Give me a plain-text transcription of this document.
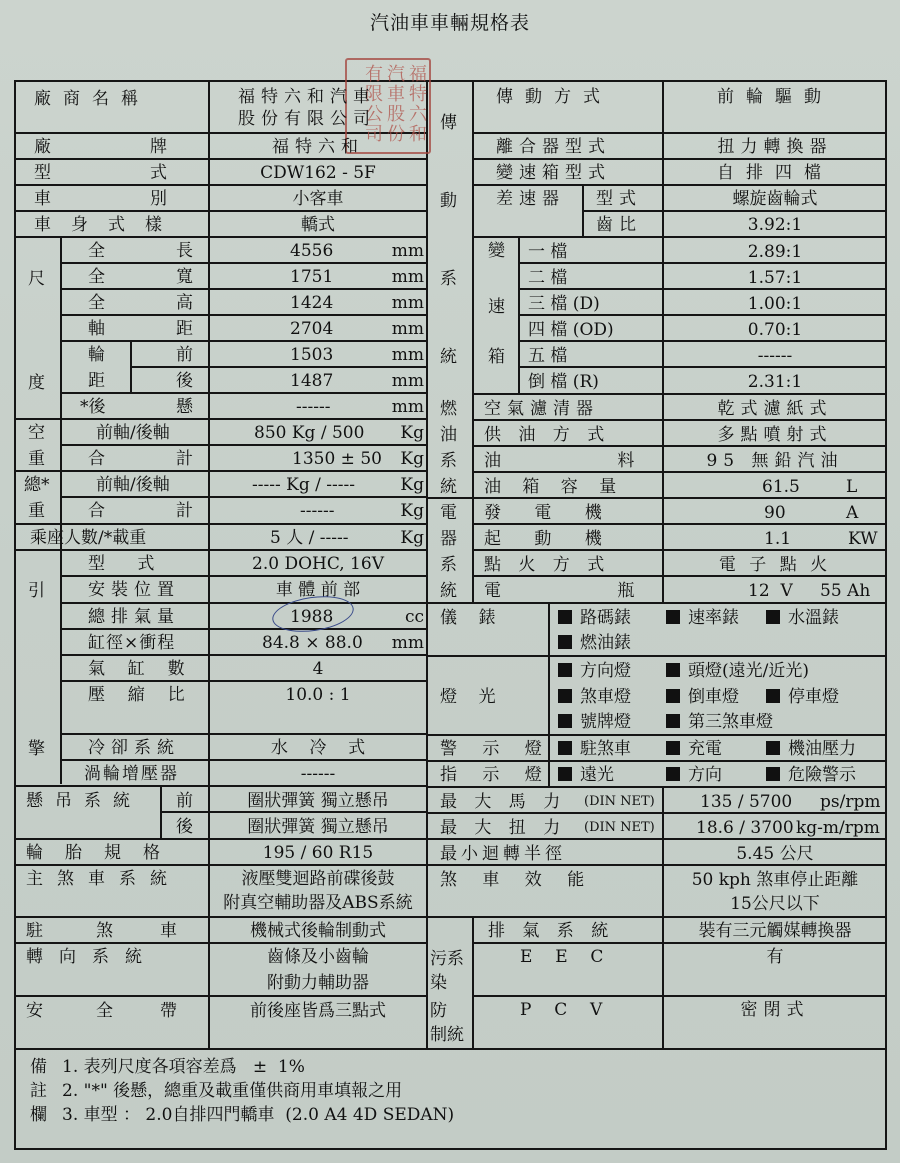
汽油車車輛規格表
福特六和汽車股份有限公司
廠商名稱	福特六和汽車
股份有限公司
廠	牌	福特六和
型	式	CDW162 - 5F
車	別	小客車
車身式樣	轎式
尺
度
全	長	4556	mm
全	寬	1751	mm
全	高	1424	mm
軸	距	2704	mm
輪
距
前	1503	mm
後	1487	mm
*後	懸	------	mm
空
重
前軸/後軸	850 Kg / 500	Kg
合	計	1350 ± 50	Kg
總*
重
前軸/後軸	----- Kg / -----	Kg
合	計	------	Kg
乘座人數/*載重	5 人 / -----	Kg
引
擎
型      式	2.0 DOHC, 16V
安裝位置	車 體 前 部
總排氣量	1988	cc
缸徑×衝程	84.8 × 88.0	mm
氣  缸  數	4
壓  縮  比	10.0 : 1
冷卻系統	水    冷    式
渦輪增壓器	------
懸吊系統 前	圈狀彈簧 獨立懸吊
後	圈狀彈簧 獨立懸吊
輪胎規格	195 / 60 R15
主煞車系統	液壓雙迴路前碟後鼓
附真空輔助器及ABS系統
駐	煞	車	機械式後輪制動式
轉向系統	齒條及小齒輪
附動力輔助器
安	全	帶	前後座皆爲三點式
傳
動
系
統
傳動方式	前輪驅動
離合器型式	扭力轉換器
變速箱型式	自排四檔
差速器 型式	螺旋齒輪式
齒比	3.92:1
變
速
箱
一 檔	2.89:1
二 檔	1.57:1
三 檔 (D)	1.00:1
四 檔 (OD)	0.70:1
五 檔	------
倒 檔 (R)	2.31:1
燃
油
系
統
空氣濾清器	乾式濾紙式
供 油 方 式	多點噴射式
油      料	95 無鉛汽油
油 箱 容 量	61.5	L
電
器
系
統
發 電 機	90	A
起 動 機	1.1	KW
點 火 方 式	電 子 點 火
電      瓶	12  V 55 Ah
儀    錶	路碼錶	速率錶	水溫錶
燃油錶
燈    光
方向燈	頭燈(遠光/近光)
煞車燈	倒車燈	停車燈
號牌燈	第三煞車燈
警 示 燈	駐煞車	充電	機油壓力
指 示 燈	遠光	方向	危險警示
最 大 馬 力 (DIN NET)	135 / 5700 ps/rpm
最 大 扭 力 (DIN NET) 18.6 / 3700 kg-m/rpm
最小迴轉半徑	5.45 公尺
煞 車 效 能	50 kph 煞車停止距離
15公尺以下
污系
染
防
制統
排 氣 系 統	裝有三元觸媒轉換器
E  E  C	有
P  C  V	密閉式
備
註
欄
1. 表列尺度各項容差爲   ±  1%
2. "*" 後懸，總重及載重僅供商用車填報之用
3. 車型 ： 2.0自排四門轎車  (2.0 A4 4D SEDAN)
